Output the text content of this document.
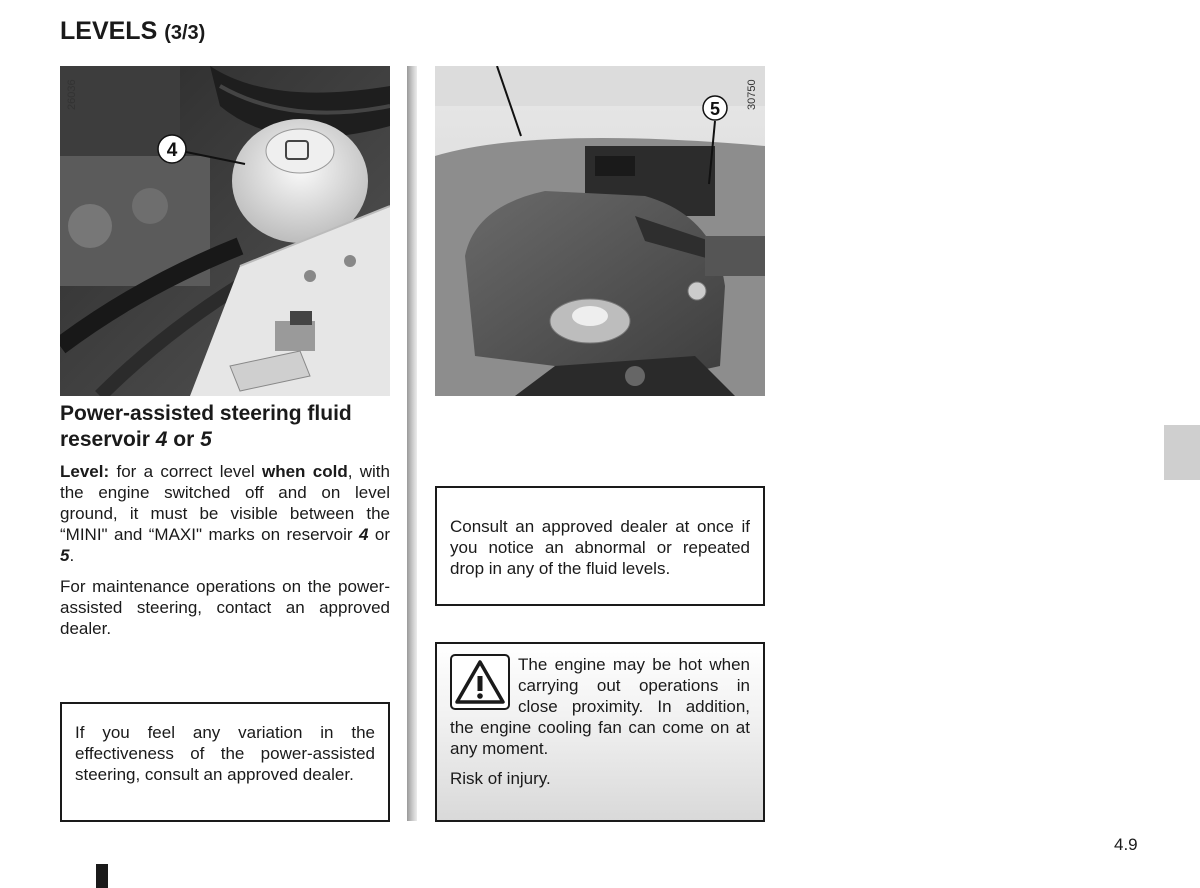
LEVELS (3/3)
4
26036	5 30750
Power-assisted steering fluid reservoir 4 or 5

Level: for a correct level when cold, with the engine switched off and on level ground, it must be visible between the “MINI" and “MAXI" marks on reservoir 4 or 5.

For maintenance operations on the power-assisted steering, contact an approved dealer.

If you feel any variation in the effectiveness of the power-assisted steering, consult an approved dealer.

Consult an approved dealer at once if you notice an abnormal or repeated drop in any of the fluid levels.

The engine may be hot when carrying out operations in close proximity. In addition, the engine cooling fan can come on at any moment.

Risk of injury.

4.9
